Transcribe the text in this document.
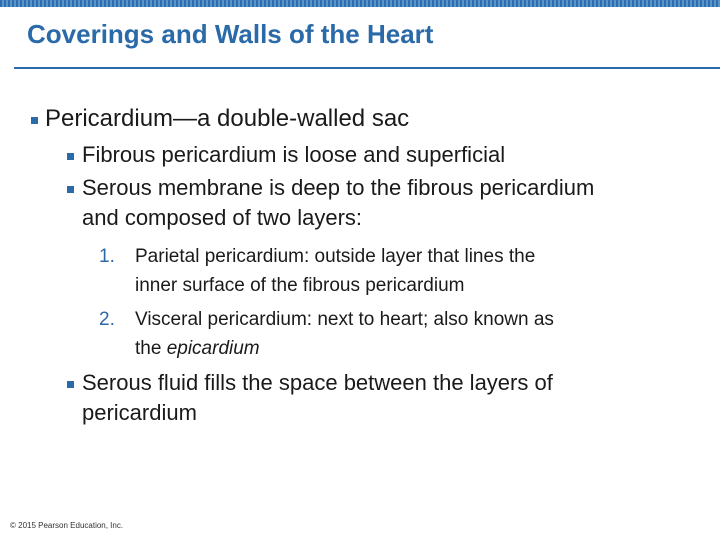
Coverings and Walls of the Heart

Pericardium—a double-walled sac

Fibrous pericardium is loose and superficial

Serous membrane is deep to the fibrous pericardium

and composed of two layers:

1. Parietal pericardium: outside layer that lines the

inner surface of the fibrous pericardium

2. Visceral pericardium: next to heart; also known as

the epicardium

Serous fluid fills the space between the layers of

pericardium

© 2015 Pearson Education, Inc.
